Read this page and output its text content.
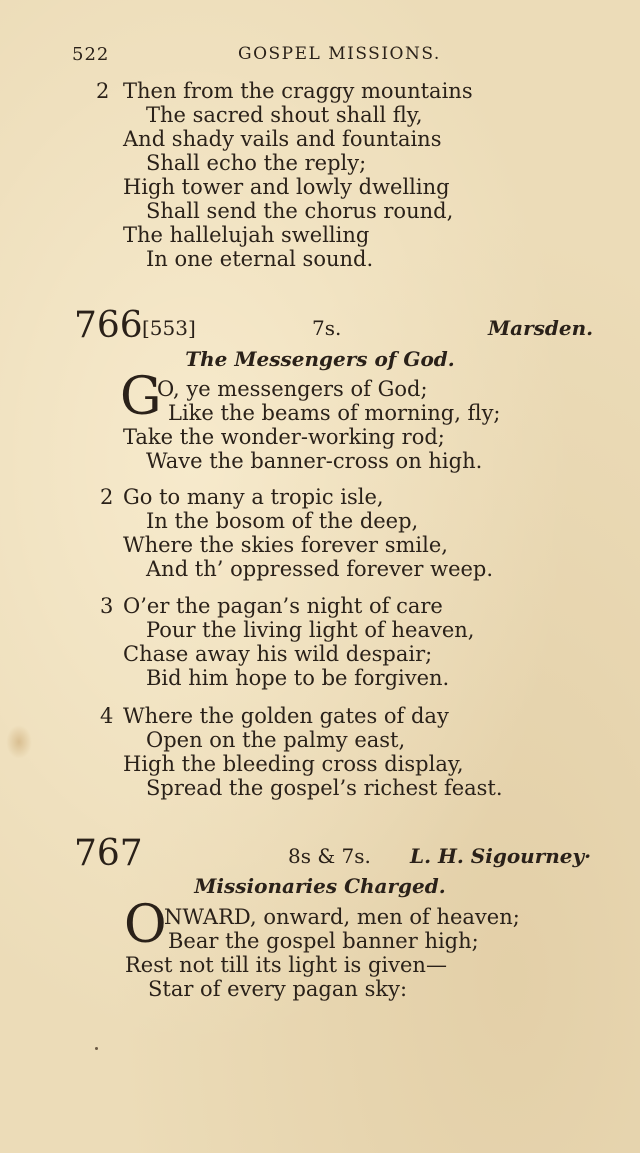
522	GOSPEL MISSIONS.
2 Then from the craggy mountains
The sacred shout shall fly,
And shady vails and fountains
Shall echo the reply;
High tower and lowly dwelling
Shall send the chorus round,
The hallelujah swelling
In one eternal sound.
766 [553]	7s.	Marsden.
The Messengers of God.
G
O, ye messengers of God;
Like the beams of morning, fly;
Take the wonder-working rod;
Wave the banner-cross on high.
2 Go to many a tropic isle,
In the bosom of the deep,
Where the skies forever smile,
And th’ oppressed forever weep.
3 O’er the pagan’s night of care
Pour the living light of heaven,
Chase away his wild despair;
Bid him hope to be forgiven.
4 Where the golden gates of day
Open on the palmy east,
High the bleeding cross display,
Spread the gospel’s richest feast.
767	8s & 7s. L. H. Sigourney·
Missionaries Charged.
O
NWARD, onward, men of heaven;
Bear the gospel banner high;
Rest not till its light is given—
Star of every pagan sky:
